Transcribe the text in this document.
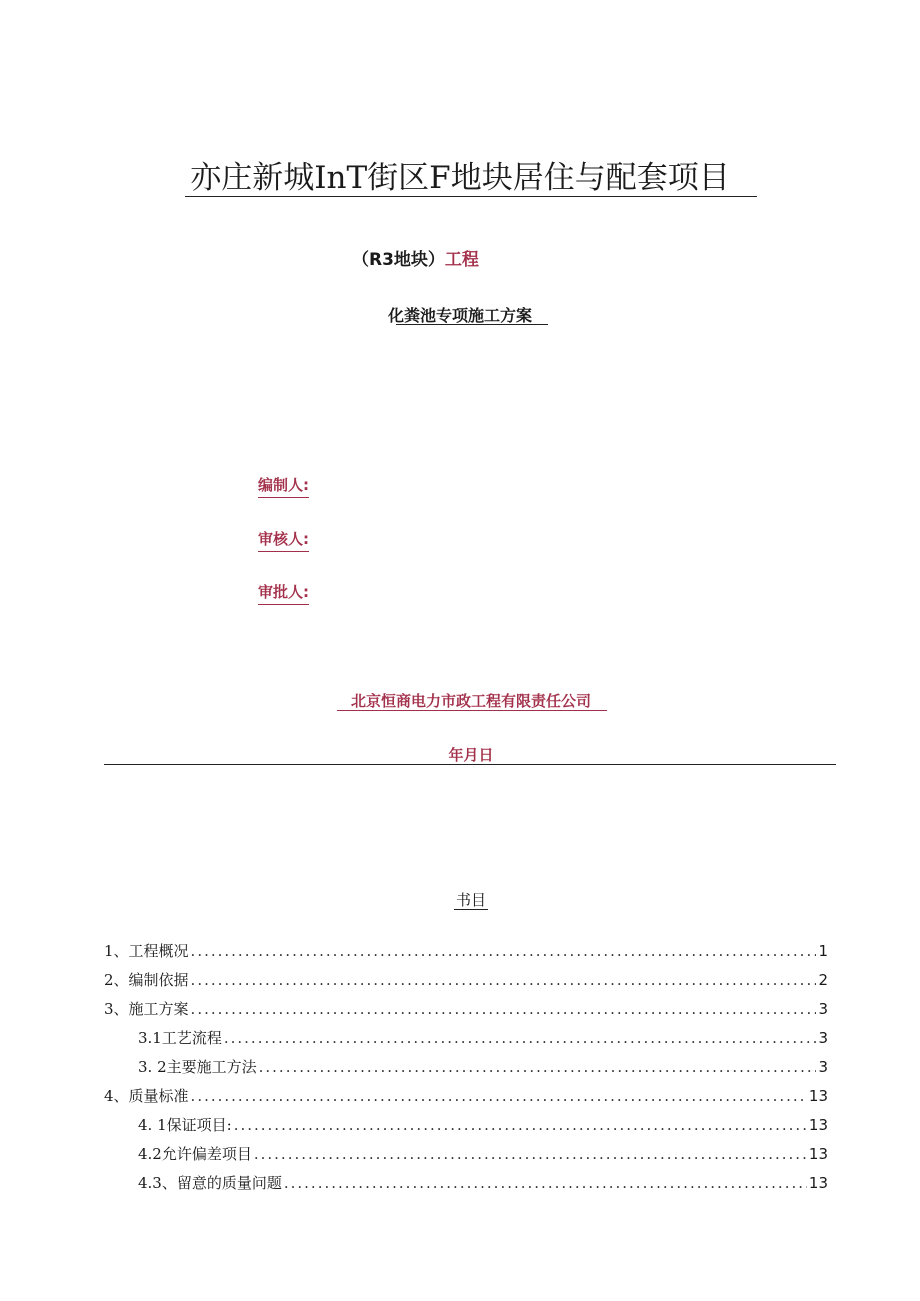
亦庄新城InT街区F地块居住与配套项目
（R3地块）工程
化粪池专项施工方案
编制人:
审核人:
审批人:
北京恒商电力市政工程有限责任公司
年月日
书目
1、工程概况 .....	1
2、编制依据 .....	2
3、施工方案 .....	3
3.1工艺流程 .....	3
3. 2主要施工方法 .....	3
4、质量标准 .....	13
4. 1保证项目: .....	13
4.2允许偏差项目 .....	13
4.3、留意的质量问题 .....	13
